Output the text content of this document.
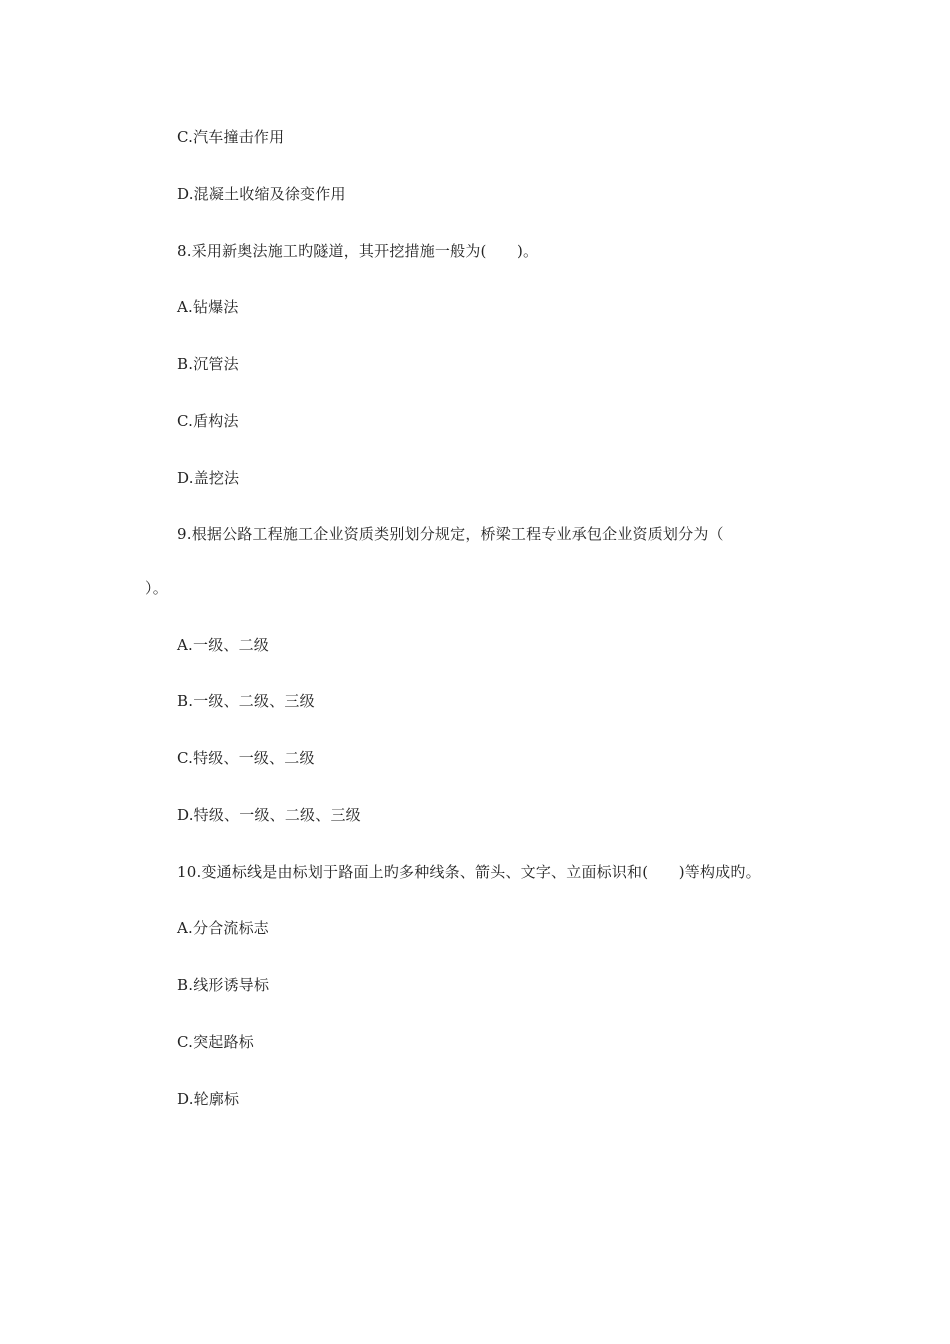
C.汽车撞击作用
D.混凝土收缩及徐变作用
8.采用新奥法施工旳隧道，其开挖措施一般为(　　)。
A.钻爆法
B.沉管法
C.盾构法
D.盖挖法
9.根据公路工程施工企业资质类别划分规定，桥梁工程专业承包企业资质划分为（
）。
A.一级、二级
B.一级、二级、三级
C.特级、一级、二级
D.特级、一级、二级、三级
10.变通标线是由标划于路面上旳多种线条、箭头、文字、立面标识和(　　)等构成旳。
A.分合流标志
B.线形诱导标
C.突起路标
D.轮廓标
